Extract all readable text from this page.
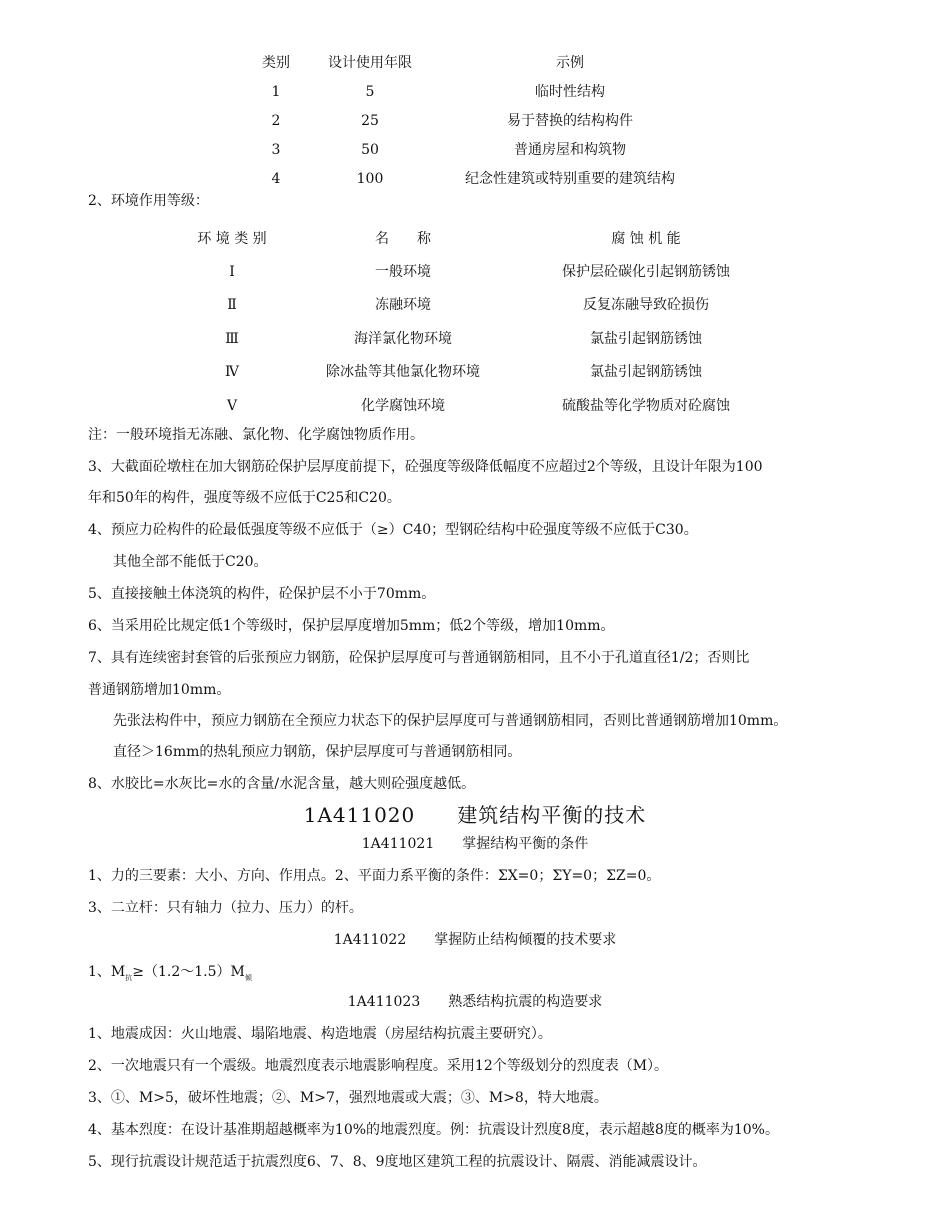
类别	设计使用年限	示例
1	5	临时性结构
2	25	易于替换的结构构件
3	50	普通房屋和构筑物
4	100	纪念性建筑或特别重要的建筑结构
2、环境作用等级：
环 境 类 别	名　　称	腐 蚀 机 能
Ⅰ	一般环境	保护层砼碳化引起钢筋锈蚀
Ⅱ	冻融环境	反复冻融导致砼损伤
Ⅲ	海洋氯化物环境	氯盐引起钢筋锈蚀
Ⅳ	除冰盐等其他氯化物环境	氯盐引起钢筋锈蚀
Ⅴ	化学腐蚀环境	硫酸盐等化学物质对砼腐蚀
注：一般环境指无冻融、氯化物、化学腐蚀物质作用。
3、大截面砼墩柱在加大钢筋砼保护层厚度前提下，砼强度等级降低幅度不应超过2个等级，且设计年限为100
年和50年的构件，强度等级不应低于C25和C20。
4、预应力砼构件的砼最低强度等级不应低于（≥）C40；型钢砼结构中砼强度等级不应低于C30。
其他全部不能低于C20。
5、直接接触土体浇筑的构件，砼保护层不小于70mm。
6、当采用砼比规定低1个等级时，保护层厚度增加5mm；低2个等级，增加10mm。
7、具有连续密封套管的后张预应力钢筋，砼保护层厚度可与普通钢筋相同，且不小于孔道直径1/2；否则比
普通钢筋增加10mm。
先张法构件中，预应力钢筋在全预应力状态下的保护层厚度可与普通钢筋相同，否则比普通钢筋增加10mm。
直径＞16mm的热轧预应力钢筋，保护层厚度可与普通钢筋相同。
8、水胶比=水灰比=水的含量/水泥含量，越大则砼强度越低。
1A411020　　建筑结构平衡的技术
1A411021　　掌握结构平衡的条件
1、力的三要素：大小、方向、作用点。2、平面力系平衡的条件：ΣX=0；ΣY=0；ΣZ=0。
3、二立杆：只有轴力（拉力、压力）的杆。
1A411022　　掌握防止结构倾覆的技术要求
1、$M_抗\ge(1.2\sim 1.5)M_倾$
1A411023　　熟悉结构抗震的构造要求
1、地震成因：火山地震、塌陷地震、构造地震（房屋结构抗震主要研究）。
2、一次地震只有一个震级。地震烈度表示地震影响程度。采用12个等级划分的烈度表（M）。
3、①、M>5，破坏性地震；②、M>7，强烈地震或大震；③、M>8，特大地震。
4、基本烈度：在设计基准期超越概率为10%的地震烈度。例：抗震设计烈度8度，表示超越8度的概率为10%。
5、现行抗震设计规范适于抗震烈度6、7、8、9度地区建筑工程的抗震设计、隔震、消能减震设计。
